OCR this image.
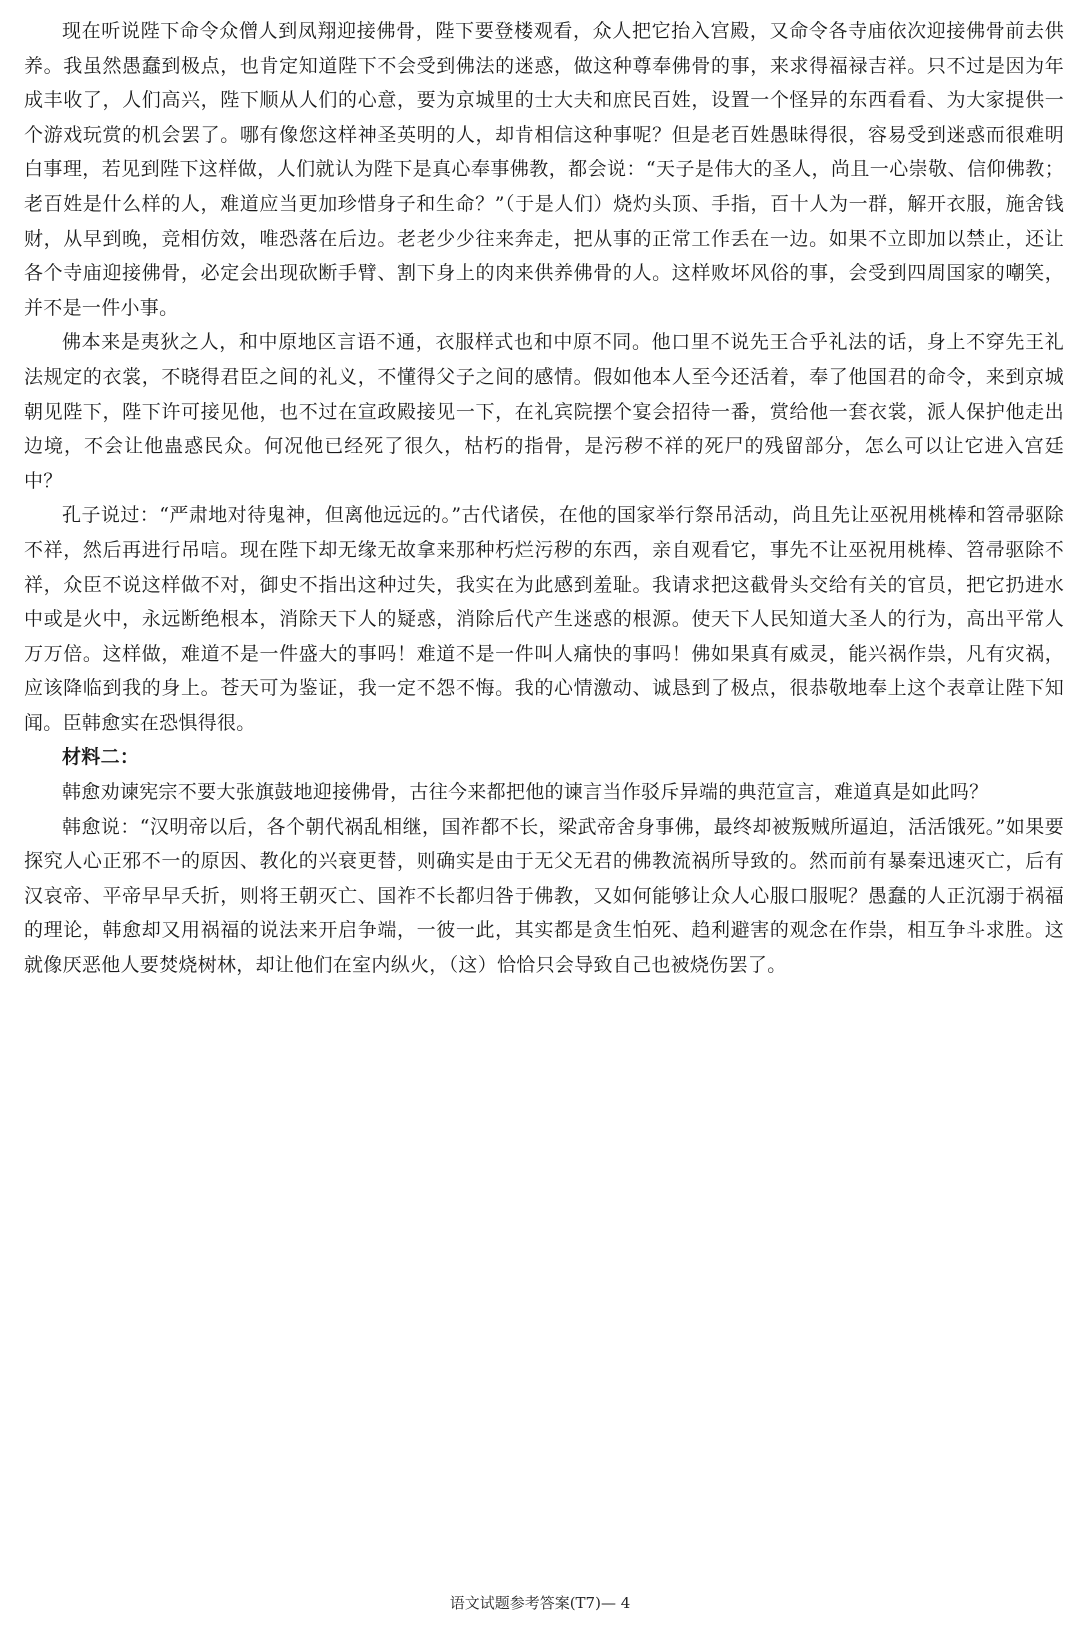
现在听说陛下命令众僧人到凤翔迎接佛骨，陛下要登楼观看，众人把它抬入宫殿，又命令各寺庙依次迎接佛骨前去供养。我虽然愚蠢到极点，也肯定知道陛下不会受到佛法的迷惑，做这种尊奉佛骨的事，来求得福禄吉祥。只不过是因为年成丰收了，人们高兴，陛下顺从人们的心意，要为京城里的士大夫和庶民百姓，设置一个怪异的东西看看、为大家提供一个游戏玩赏的机会罢了。哪有像您这样神圣英明的人，却肯相信这种事呢？但是老百姓愚昧得很，容易受到迷惑而很难明白事理，若见到陛下这样做，人们就认为陛下是真心奉事佛教，都会说：“天子是伟大的圣人，尚且一心崇敬、信仰佛教；老百姓是什么样的人，难道应当更加珍惜身子和生命？”（于是人们）烧灼头顶、手指，百十人为一群，解开衣服，施舍钱财，从早到晚，竞相仿效，唯恐落在后边。老老少少往来奔走，把从事的正常工作丢在一边。如果不立即加以禁止，还让各个寺庙迎接佛骨，必定会出现砍断手臂、割下身上的肉来供养佛骨的人。这样败坏风俗的事，会受到四周国家的嘲笑，并不是一件小事。

佛本来是夷狄之人，和中原地区言语不通，衣服样式也和中原不同。他口里不说先王合乎礼法的话，身上不穿先王礼法规定的衣裳，不晓得君臣之间的礼义，不懂得父子之间的感情。假如他本人至今还活着，奉了他国君的命令，来到京城朝见陛下，陛下许可接见他，也不过在宣政殿接见一下，在礼宾院摆个宴会招待一番，赏给他一套衣裳，派人保护他走出边境，不会让他蛊惑民众。何况他已经死了很久，枯朽的指骨，是污秽不祥的死尸的残留部分，怎么可以让它进入宫廷中？

孔子说过：“严肃地对待鬼神，但离他远远的。”古代诸侯，在他的国家举行祭吊活动，尚且先让巫祝用桃棒和笤帚驱除不祥，然后再进行吊唁。现在陛下却无缘无故拿来那种朽烂污秽的东西，亲自观看它，事先不让巫祝用桃棒、笤帚驱除不祥，众臣不说这样做不对，御史不指出这种过失，我实在为此感到羞耻。我请求把这截骨头交给有关的官员，把它扔进水中或是火中，永远断绝根本，消除天下人的疑惑，消除后代产生迷惑的根源。使天下人民知道大圣人的行为，高出平常人万万倍。这样做，难道不是一件盛大的事吗！难道不是一件叫人痛快的事吗！佛如果真有威灵，能兴祸作祟，凡有灾祸，应该降临到我的身上。苍天可为鉴证，我一定不怨不悔。我的心情激动、诚恳到了极点，很恭敬地奉上这个表章让陛下知闻。臣韩愈实在恐惧得很。

材料二：

韩愈劝谏宪宗不要大张旗鼓地迎接佛骨，古往今来都把他的谏言当作驳斥异端的典范宣言，难道真是如此吗？

韩愈说：“汉明帝以后，各个朝代祸乱相继，国祚都不长，梁武帝舍身事佛，最终却被叛贼所逼迫，活活饿死。”如果要探究人心正邪不一的原因、教化的兴衰更替，则确实是由于无父无君的佛教流祸所导致的。然而前有暴秦迅速灭亡，后有汉哀帝、平帝早早夭折，则将王朝灭亡、国祚不长都归咎于佛教，又如何能够让众人心服口服呢？愚蠢的人正沉溺于祸福的理论，韩愈却又用祸福的说法来开启争端，一彼一此，其实都是贪生怕死、趋利避害的观念在作祟，相互争斗求胜。这就像厌恶他人要焚烧树林，却让他们在室内纵火，（这）恰恰只会导致自己也被烧伤罢了。

语文试题参考答案(T7)— 4
